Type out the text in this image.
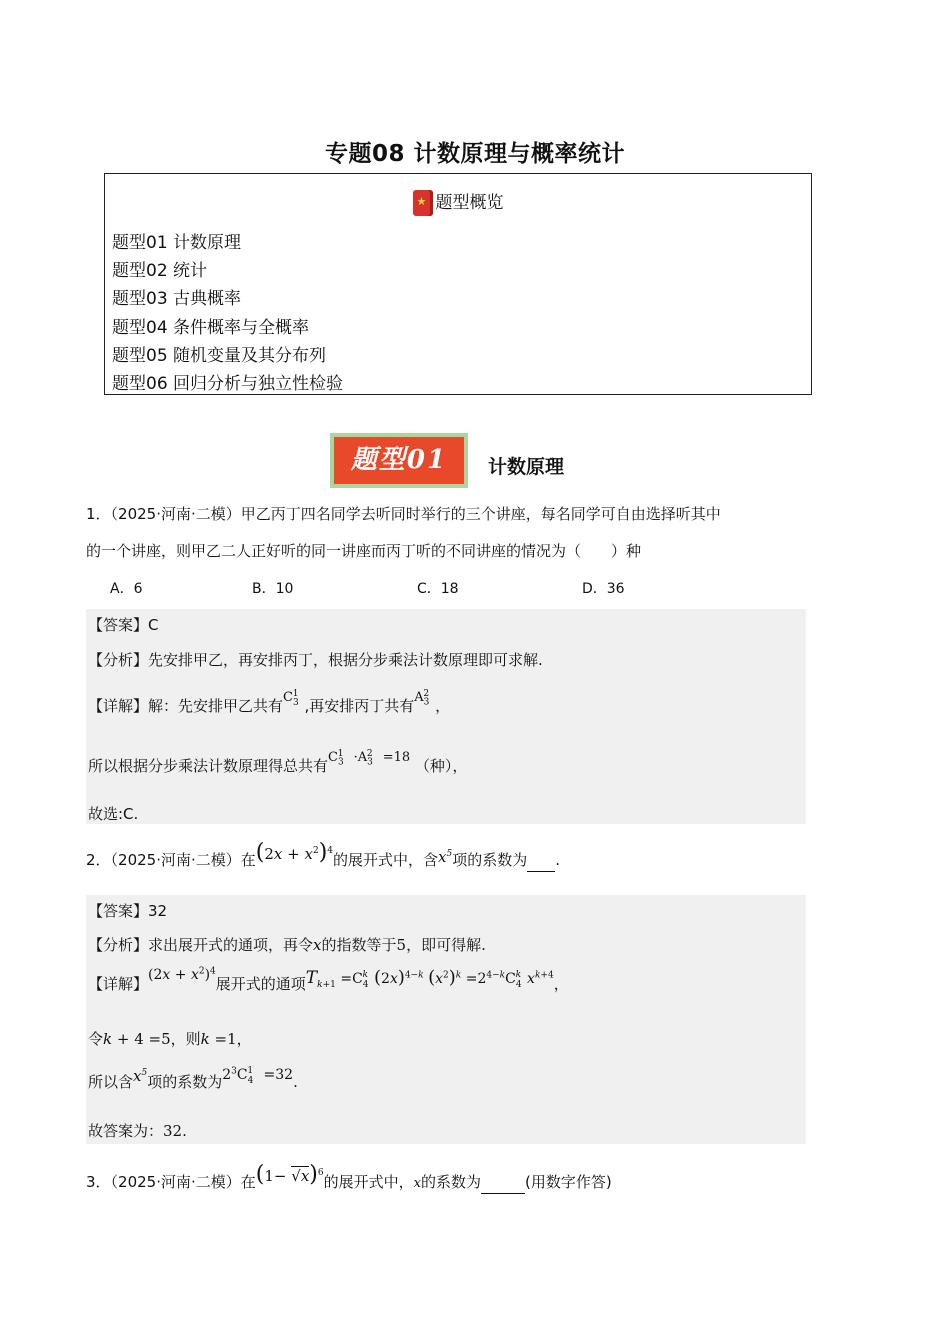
专题08 计数原理与概率统计
★题型概览
题型01 计数原理
题型02 统计
题型03 古典概率
题型04 条件概率与全概率
题型05 随机变量及其分布列
题型06 回归分析与独立性检验
题型01	计数原理
1．（2025·河南·二模）甲乙丙丁四名同学去听同时举行的三个讲座，每名同学可自由选择听其中
的一个讲座，则甲乙二人正好听的同一讲座而丙丁听的不同讲座的情况为（　　）种
A．6	B．10	C．18	D．36
【答案】C
【分析】先安排甲乙，再安排丙丁，根据分步乘法计数原理即可求解.
【详解】解：先安排甲乙共有$C_3^1$,再安排丙丁共有$A_3^2$，
所以根据分步乘法计数原理得总共有$C_3^1 \cdot A_3^2 =18$ （种），
故选:C.
2．（2025·河南·二模）在$(2x + x^2)^4$的展开式中，含$x^5$项的系数为 .
【答案】32
【分析】求出展开式的通项，再令x的指数等于5，即可得解.
【详解】$(2x + x^2)^4$展开式的通项$T_{k+1} =C_4^k$ $(2x)^{4-k}$ $(x^2)^k =2^{4-k}C_4^k$ $x^{k+4}$，
令k + 4 =5，则k =1，
所以含$x^5$项的系数为$2^3C_4^1 =32$.
故答案为：32.
3．（2025·河南·二模）在$(1- √x)^6$的展开式中，x的系数为	(用数字作答)
